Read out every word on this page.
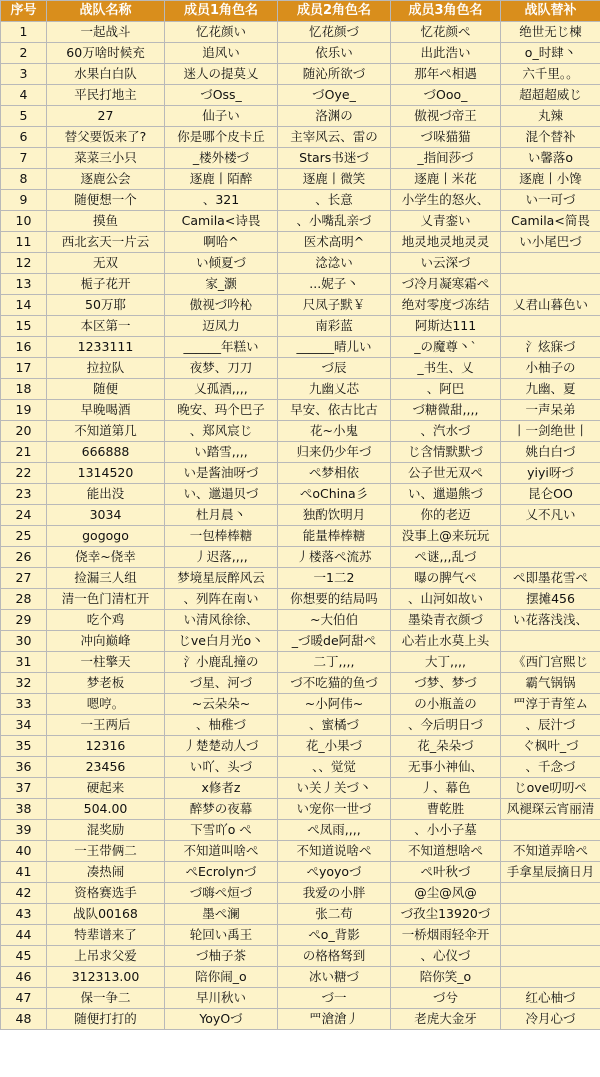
序号	战队名称	成员1角色名	成员2角色名	成员3角色名	战队替补
1	一起战斗	忆花颜い	忆花颜づ	忆花颜ぺ	绝世无じ楝
2	60万啥时候充	追风い	依乐い	出此浩い	o_时肆丶
3	水果白白队	迷人の提莫乂	随沁所欲づ	那年ぺ相遇	六千里。。
4	平民打地主	づOss_	づOye_	づOoo_	超超超威じ
5	27	仙子い	洛渊の	傲视づ帝王	丸辣
6	替父要饭来了?	你是哪个皮卡丘	主宰风云、雷の	づ哚猫猫	混个替补
7	菜菜三小只	_楼外楼づ	Stars书迷づ	_指间莎づ	い馨落o
8	逐鹿公会	逐鹿丨陌醉	逐鹿丨微笑	逐鹿丨米花	逐鹿丨小馋
9	随便想一个	、321	、长意	小学生的怒火、	い一可づ
10	摸鱼	Camila<诗畏	、小嘴乱亲づ	乂青銮い	Camila<简畏
11	西北玄天一片云	啊哈^	医术高明^	地灵地灵地灵灵	い小尾巴づ
12	无双	い倾夏づ	淰淰い	い云深づ	
13	栀子花开	家_灏	...妮子丶	づ冷月凝寒霜ぺ	
14	50万耶	傲视づ吟杺	尺凤子默￥	绝对零度づ冻结	乂君山暮色い
15	本区第一	迈凤力	南彩蓝	阿斯达111	
16	1233111	______年糕い	______晴儿い	_の魔尊丶`	氵炫寐づ
17	拉拉队	夜梦、刀刀	づ辰	_书生、乂	小柚子の
18	随便	乂孤酒,,,,	九幽乂芯	、阿巴	九幽、夏
19	早晚喝酒	晚安、玛个巴子	早安、依古比古	づ糖微甜,,,,	一声呆弟
20	不知道第几	、郑风宸じ	花~小鬼	、汽水づ	丨一剑绝世丨
21	666888	い踏雪,,,,	归来仍少年づ	じ含情默默づ	姚白白づ
22	1314520	い是酱油呀づ	ぺ梦相依	公子世无双ぺ	yiyi呀づ
23	能出没	い、邋遢贝づ	ぺoChina彡	い、邋遢熊づ	昆仑OO
24	3034	杜月晨丶	独酌饮明月	你的老迈	乂不凡い
25	gogogo	一包棒棒糖	能量棒棒糖	没事上@来玩玩	
26	侥幸~侥幸	丿迟落,,,,	丿楼落ぺ流苏	ぺ谜,,,乱づ	
27	捡漏三人组	梦境星辰醉风云	一1二2	曝の脾气ぺ	ぺ即墨花雪ぺ
28	清一色门清杠开	、列阵在南い	你想要的结局吗	、山河如故い	摆摊456
29	吃个鸡	い清风徐徐、	~大伯伯	墨染青衣颜づ	い花落浅浅、
30	冲向巅峰	じve白月光o丶	_づ暖de阿甜ぺ	心若止水莫上头	
31	一柱擎天	氵小鹿乱撞の	二丁,,,,	大丁,,,,	《西门宫熙じ
32	梦老板	づ星、河づ	づ不吃猫的鱼づ	づ梦、梦づ	霸气锅锅
33	嗯哼。	~云朵朵~	~小阿伟~	の小瓶盖の	罒淳于青笙ム
34	一王两后	、柚稚づ	、蜜橘づ	、今后明日づ	、辰汁づ
35	12316	丿楚楚动人づ	花_小果づ	花_朵朵づ	ぐ枫叶_づ
36	23456	い吖、头づ	、、觉觉	无事小神仙、	、千念づ
37	硬起来	x修者z	い关丿关づ丶	丿、幕色	じove叨叨ぺ
38	504.00	醉梦の夜幕	い宠你一世づ	曹乾胜	风褪琛云宵丽清
39	混奖励	下雪吖o ぺ	ぺ凤雨,,,,	、小小子墓	
40	一王带俩二	不知道叫啥ぺ	不知道说啥ぺ	不知道想啥ぺ	不知道弄啥ぺ
41	凑热闹	ぺEcrolynづ	ぺyoyoづ	ぺ叶秋づ	手拿星辰摘日月
42	资格赛选手	づ嗨ぺ烜づ	我爱の小胖	@尘@风@	
43	战队00168	墨ぺ澜	张二苟	づ孜尘13920づ	
44	特辈谱来了	轮回い禹王	ぺo_背影	一桥烟雨轻伞开	
45	上吊求父爱	づ柚子茶	の格格驽到	、心仪づ	
46	312313.00	陪你闹_o	冰い糖づ	陪你笑_o	
47	保一争二	早川秋い	づ一	づ兮	红心柚づ
48	随便打打的	YoyOづ	罒滄滄丿	老虎大金牙	冷月心づ
